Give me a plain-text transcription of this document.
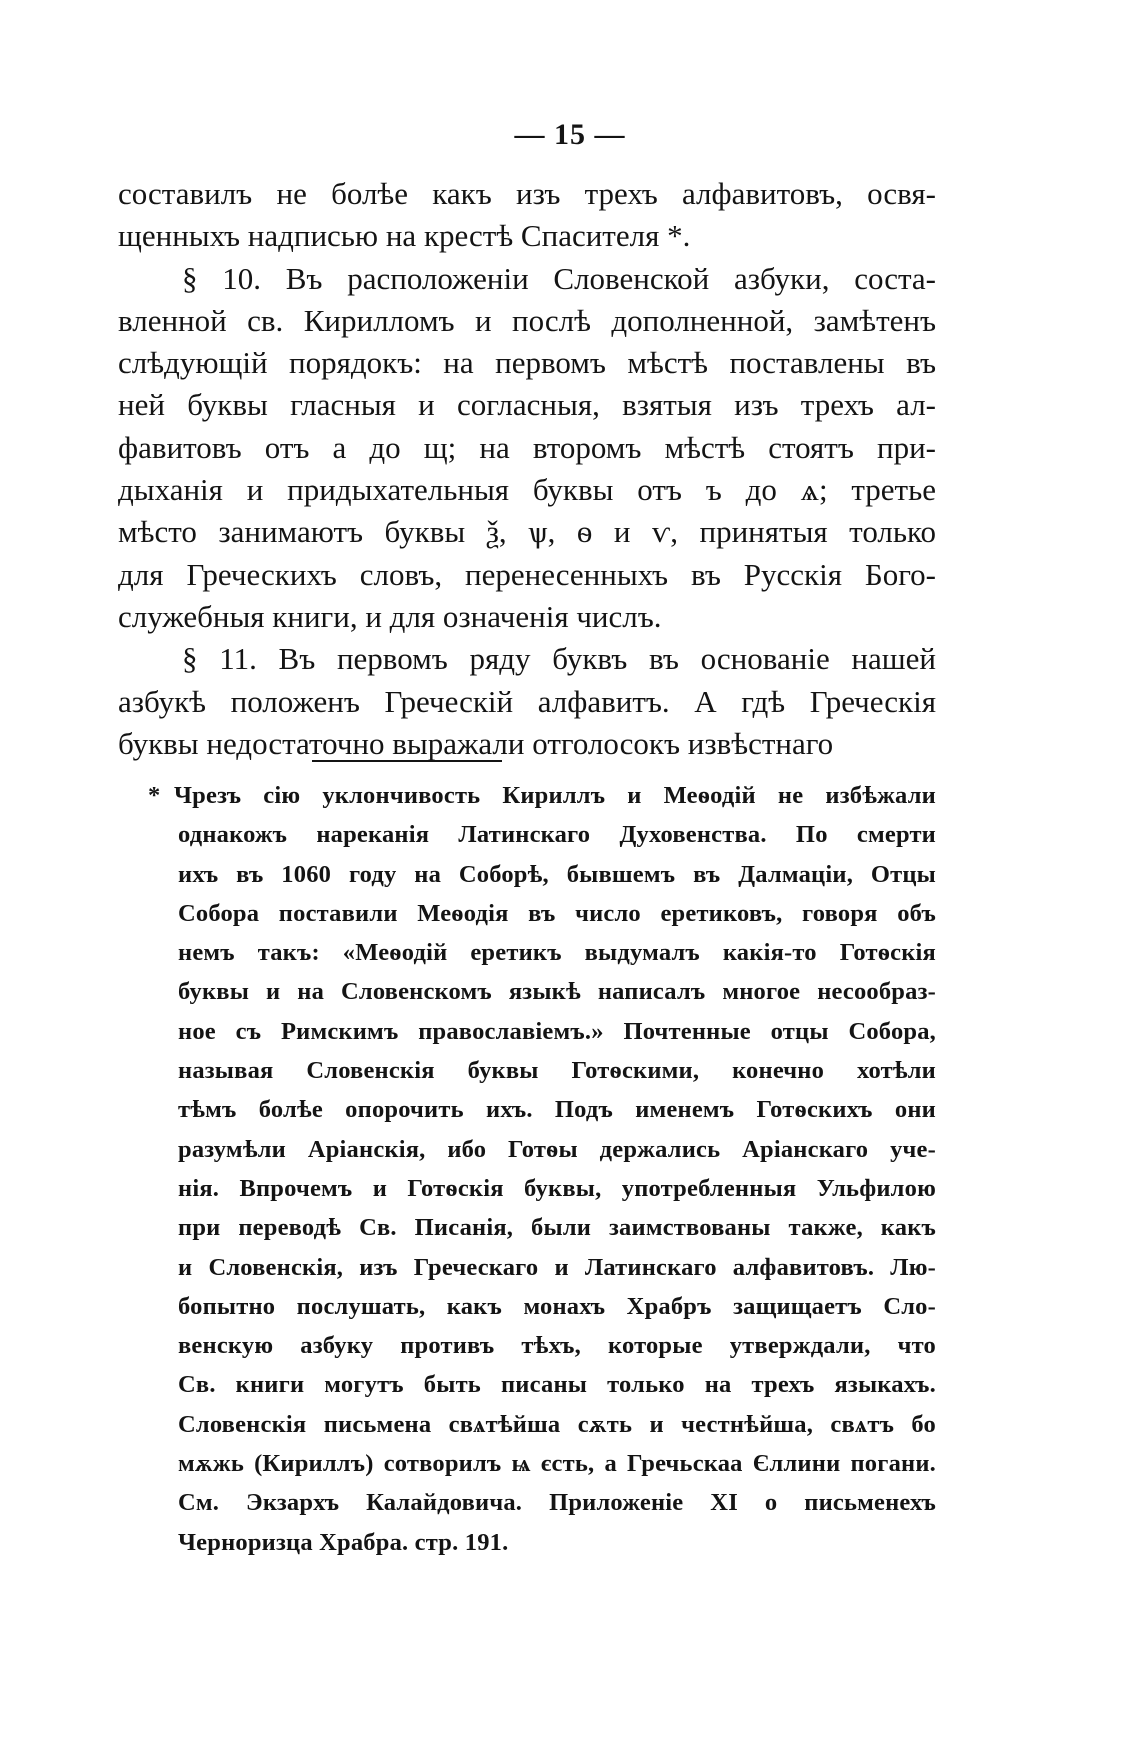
— 15 —
составилъ не болѣе какъ изъ трехъ алфавитовъ, освя-
щенныхъ надписью на крестѣ Спасителя *.
§ 10. Въ расположеніи Словенской азбуки, соста-
вленной св. Кирилломъ и послѣ дополненной, замѣтенъ
слѣдующій порядокъ: на первомъ мѣстѣ поставлены въ
ней буквы гласныя и согласныя, взятыя изъ трехъ ал-
фавитовъ отъ а до щ; на второмъ мѣстѣ стоятъ при-
дыханія и придыхательныя буквы отъ ъ до ѧ; третье
мѣсто занимаютъ буквы ѯ, ѱ, ѳ и ѵ, принятыя только
для Греческихъ словъ, перенесенныхъ въ Русскія Бого-
служебныя книги, и для означенія числъ.
§ 11. Въ первомъ ряду буквъ въ основаніе нашей
азбукѣ положенъ Греческій алфавитъ. А гдѣ Греческія
буквы недостаточно выражали отголосокъ извѣстнаго
* Чрезъ сію уклончивость Кириллъ и Меѳодій не избѣжали
однакожъ нареканія Латинскаго Духовенства. По смерти
ихъ въ 1060 году на Соборѣ, бывшемъ въ Далмаціи, Отцы
Собора поставили Меѳодія въ число еретиковъ, говоря объ
немъ такъ: «Меѳодій еретикъ выдумалъ какія-то Готѳскія
буквы и на Словенскомъ языкѣ написалъ многое несообраз-
ное съ Римскимъ православіемъ.» Почтенные отцы Собора,
называя Словенскія буквы Готѳскими, конечно хотѣли
тѣмъ болѣе опорочить ихъ. Подъ именемъ Готѳскихъ они
разумѣли Аріанскія, ибо Готѳы держались Аріанскаго уче-
нія. Впрочемъ и Готѳскія буквы, употребленныя Ульфилою
при переводѣ Св. Писанія, были заимствованы также, какъ
и Словенскія, изъ Греческаго и Латинскаго алфавитовъ. Лю-
бопытно послушать, какъ монахъ Храбръ защищаетъ Сло-
венскую азбуку противъ тѣхъ, которые утверждали, что
Св. книги могутъ быть писаны только на трехъ языкахъ.
Словенскія письмена свѧтѣйша сѫть и честнѣйша, свѧтъ бо
мѫжь (Кириллъ) сотворилъ ѩ єсть, а Гречьскаа Єллини погани.
См. Экзархъ Калайдовича. Приложеніе XI о письменехъ
Черноризца Храбра. стр. 191.
